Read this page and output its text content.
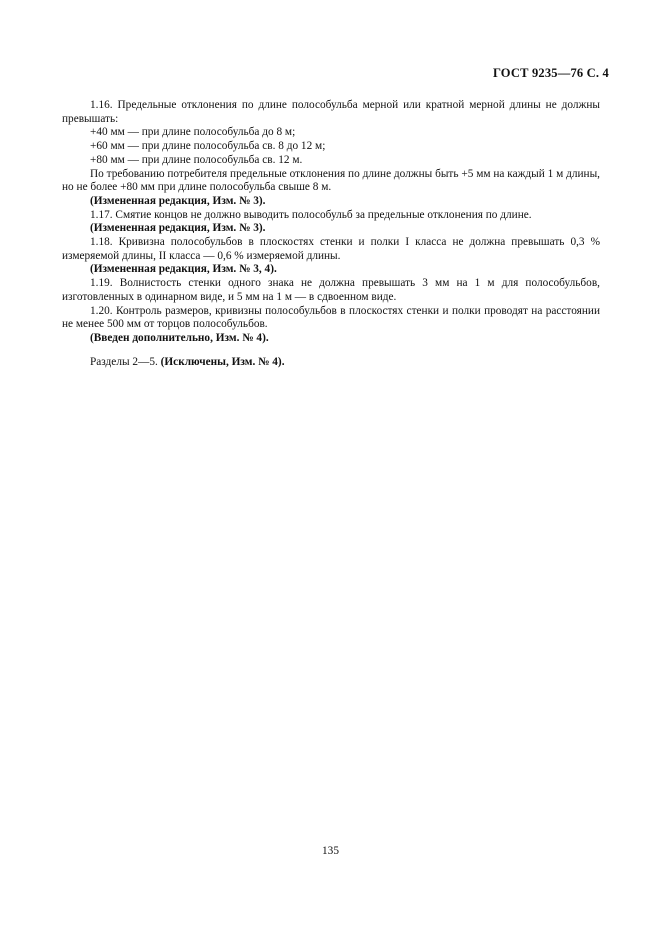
ГОСТ 9235—76 С. 4

1.16. Предельные отклонения по длине полособульба мерной или кратной мерной длины не должны превышать:

+40 мм — при длине полособульба до 8 м;

+60 мм — при длине полособульба св. 8 до 12 м;

+80 мм — при длине полособульба св. 12 м.

По требованию потребителя предельные отклонения по длине должны быть +5 мм на каждый 1 м длины, но не более +80 мм при длине полособульба свыше 8 м.

(Измененная редакция, Изм. № 3).

1.17. Смятие концов не должно выводить полособульб за предельные отклонения по длине.

(Измененная редакция, Изм. № 3).

1.18. Кривизна полособульбов в плоскостях стенки и полки I класса не должна превышать 0,3 % измеряемой длины, II класса — 0,6 % измеряемой длины.

(Измененная редакция, Изм. № 3, 4).

1.19. Волнистость стенки одного знака не должна превышать 3 мм на 1 м для полособульбов, изготовленных в одинарном виде, и 5 мм на 1 м — в сдвоенном виде.

1.20. Контроль размеров, кривизны полособульбов в плоскостях стенки и полки проводят на расстоянии не менее 500 мм от торцов полособульбов.

(Введен дополнительно, Изм. № 4).

Разделы 2—5. (Исключены, Изм. № 4).

135
